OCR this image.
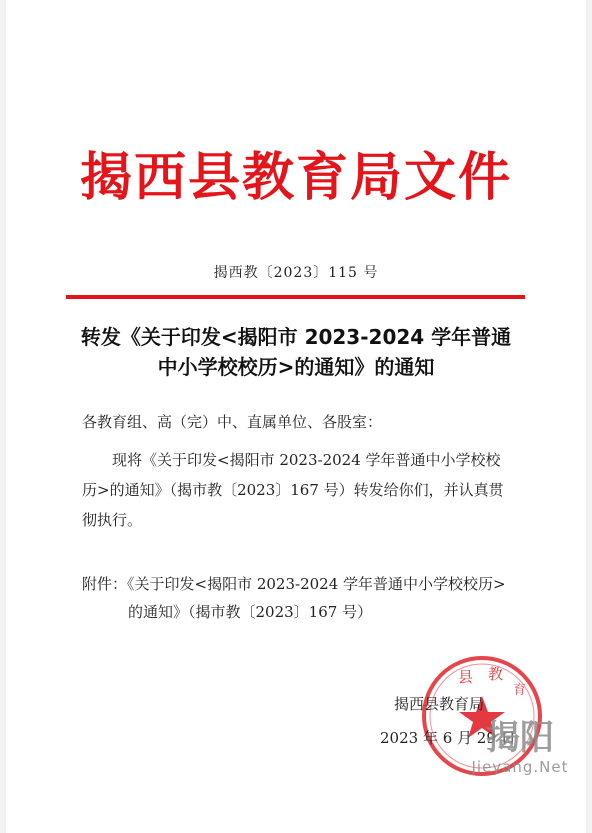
揭西县教育局文件
揭西教〔2023〕115 号
转发《关于印发<揭阳市 2023-2024 学年普通
中小学校校历>的通知》的通知
各教育组、高（完）中、直属单位、各股室：
现将《关于印发<揭阳市 2023-2024 学年普通中小学校校
历>的通知》（揭市教〔2023〕167 号）转发给你们，并认真贯
彻执行。
附件：《关于印发<揭阳市 2023-2024 学年普通中小学校校历>
的通知》（揭市教〔2023〕167 号）
县 教
育
揭西县教育局
2023 年 6 月 29 日
揭阳
Jieyang.Net
